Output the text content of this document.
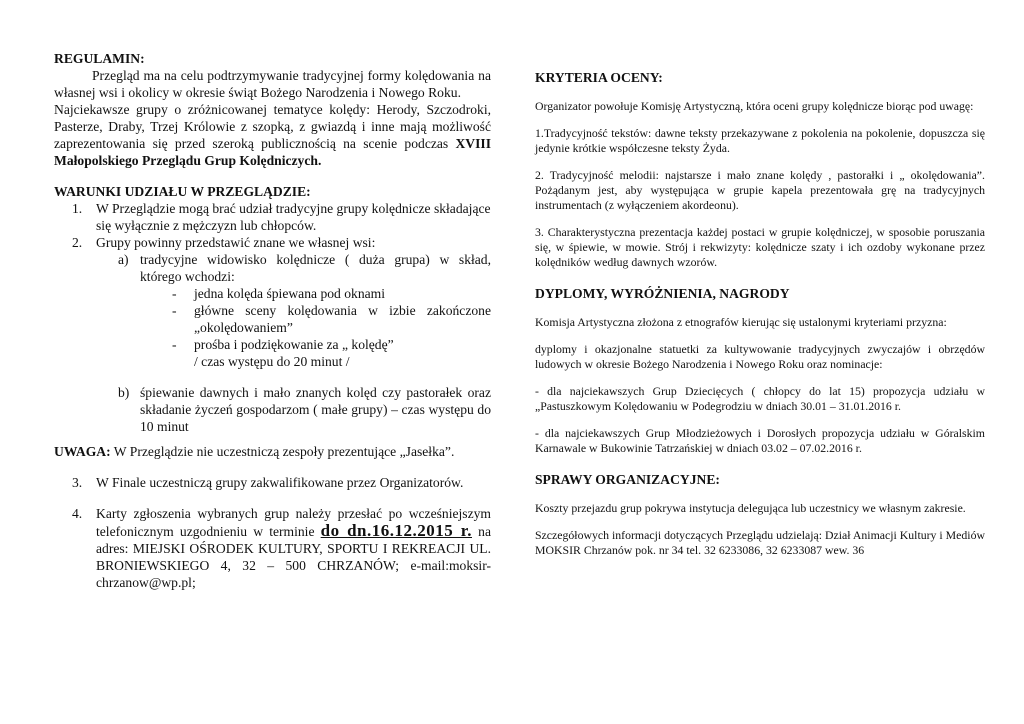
REGULAMIN:

Przegląd ma na celu podtrzymywanie tradycyjnej formy kolędowania na własnej wsi i okolicy w okresie świąt Bożego Narodzenia i Nowego Roku.

Najciekawsze grupy o zróżnicowanej tematyce kolędy: Herody, Szczodroki, Pasterze, Draby, Trzej Królowie z szopką, z gwiazdą i inne mają możliwość zaprezentowania się przed szeroką publicznością na scenie podczas XVIII Małopolskiego Przeglądu Grup Kolędniczych.

WARUNKI UDZIAŁU W PRZEGLĄDZIE:
1.	W Przeglądzie mogą brać udział tradycyjne grupy kolędnicze składające się wyłącznie z mężczyzn lub chłopców.
2.	Grupy powinny przedstawić znane we własnej wsi:
a) tradycyjne widowisko kolędnicze ( duża grupa) w skład, którego wchodzi:
-	jedna kolęda śpiewana pod oknami
-	główne sceny kolędowania w izbie zakończone „okolędowaniem”
-	prośba i podziękowanie za „ kolędę”
/ czas występu do 20 minut /
b) śpiewanie dawnych i mało znanych kolęd czy pastorałek oraz składanie życzeń gospodarzom ( małe grupy) – czas występu do 10 minut

UWAGA: W Przeglądzie nie uczestniczą zespoły prezentujące „Jasełka”.

3.	W Finale uczestniczą grupy zakwalifikowane przez Organizatorów.
4.	Karty zgłoszenia wybranych grup należy przesłać po wcześniejszym telefonicznym uzgodnieniu w terminie do dn.16.12.2015 r. na adres: MIEJSKI OŚRODEK KULTURY, SPORTU I REKREACJI UL. BRONIEWSKIEGO 4, 32 – 500 CHRZANÓW; e-mail:moksir-chrzanow@wp.pl;
KRYTERIA OCENY:

Organizator powołuje Komisję Artystyczną, która oceni grupy kolędnicze biorąc pod uwagę:

1.Tradycyjność tekstów: dawne teksty przekazywane z pokolenia na pokolenie, dopuszcza się jedynie krótkie współczesne teksty Żyda.

2. Tradycyjność melodii: najstarsze i mało znane kolędy , pastorałki i „ okolędowania”. Pożądanym jest, aby występująca w grupie kapela prezentowała grę na tradycyjnych instrumentach (z wyłączeniem akordeonu).

3. Charakterystyczna prezentacja każdej postaci w grupie kolędniczej, w sposobie poruszania się, w śpiewie, w mowie. Strój i rekwizyty: kolędnicze szaty i ich ozdoby wykonane przez kolędników według dawnych wzorów.

DYPLOMY, WYRÓŻNIENIA, NAGRODY

Komisja Artystyczna złożona z etnografów kierując się ustalonymi kryteriami przyzna:

dyplomy i okazjonalne statuetki za kultywowanie tradycyjnych zwyczajów i obrzędów ludowych w okresie Bożego Narodzenia i Nowego Roku oraz nominacje:

- dla najciekawszych Grup Dziecięcych ( chłopcy do lat 15) propozycja udziału w „Pastuszkowym Kolędowaniu w Podegrodziu w dniach 30.01 – 31.01.2016 r.

- dla najciekawszych Grup Młodzieżowych i Dorosłych propozycja udziału w Góralskim Karnawale w Bukowinie Tatrzańskiej w dniach 03.02 – 07.02.2016 r.

SPRAWY ORGANIZACYJNE:

Koszty przejazdu grup pokrywa instytucja delegująca lub uczestnicy we własnym zakresie.

Szczegółowych informacji dotyczących Przeglądu udzielają: Dział Animacji Kultury i Mediów MOKSIR Chrzanów pok. nr 34 tel. 32 6233086, 32 6233087 wew. 36
